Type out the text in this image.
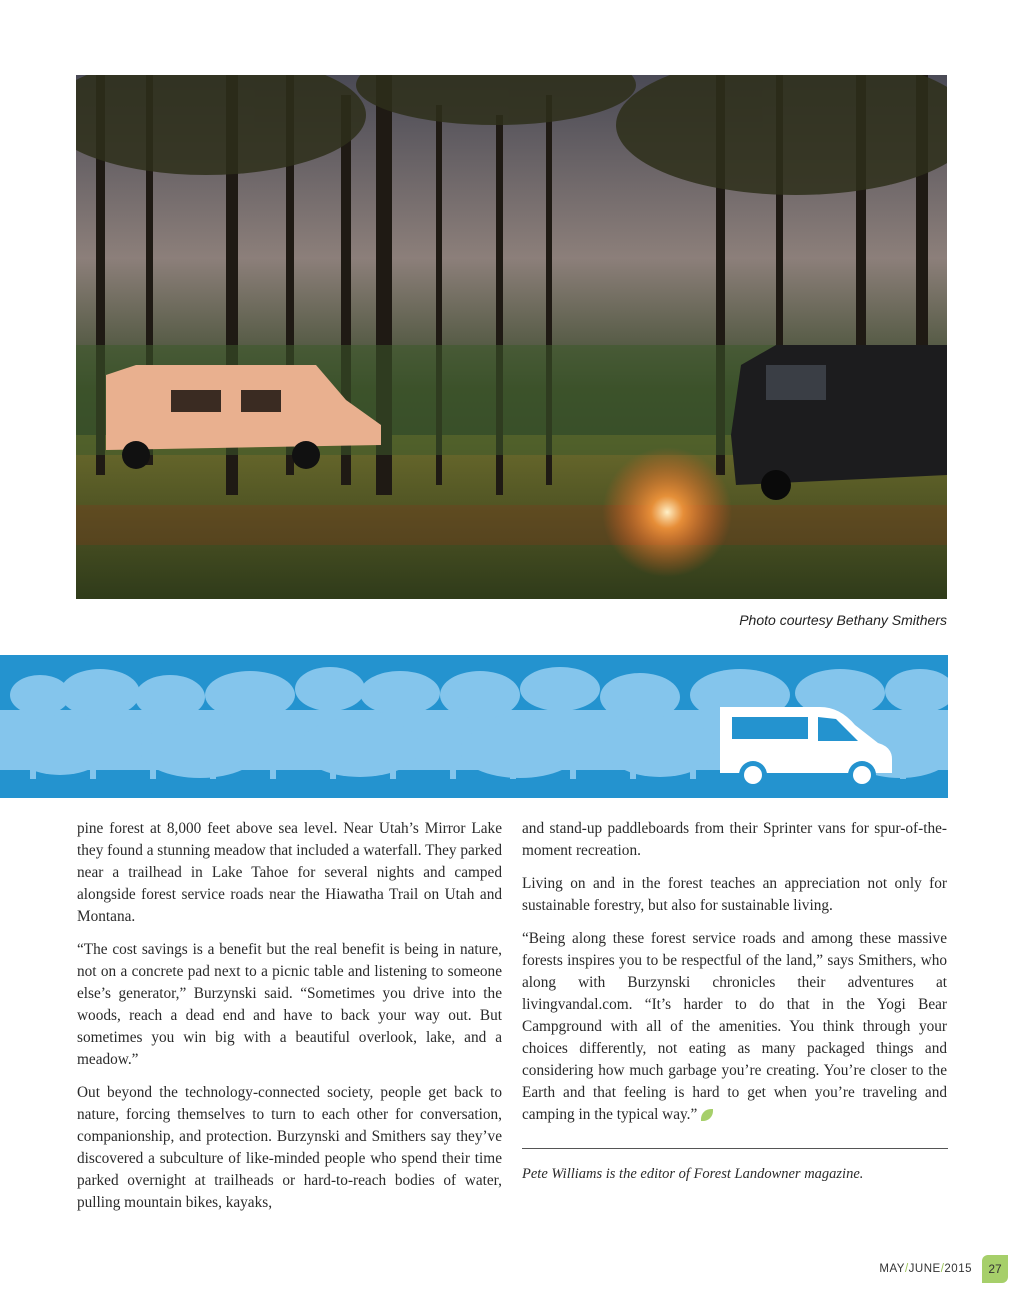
Photo courtesy Bethany Smithers

pine forest at 8,000 feet above sea level. Near Utah’s Mirror Lake they found a stunning meadow that included a waterfall. They parked near a trailhead in Lake Tahoe for several nights and camped alongside forest service roads near the Hiawatha Trail on Utah and Montana.

“The cost savings is a benefit but the real benefit is being in nature, not on a concrete pad next to a picnic table and listening to someone else’s generator,” Burzynski said. “Sometimes you drive into the woods, reach a dead end and have to back your way out. But sometimes you win big with a beautiful overlook, lake, and a meadow.”

Out beyond the technology-connected society, people get back to nature, forcing themselves to turn to each other for conversation, companionship, and protection. Burzynski and Smithers say they’ve discovered a subculture of like-minded people who spend their time parked overnight at trailheads or hard-to-reach bodies of water, pulling mountain bikes, kayaks,

and stand-up paddleboards from their Sprinter vans for spur-of-the-moment recreation.

Living on and in the forest teaches an appreciation not only for sustainable forestry, but also for sustainable living.

“Being along these forest service roads and among these massive forests inspires you to be respectful of the land,” says Smithers, who along with Burzynski chronicles their adventures at livingvandal.com. “It’s harder to do that in the Yogi Bear Campground with all of the amenities. You think through your choices differently, not eating as many packaged things and considering how much garbage you’re creating. You’re closer to the Earth and that feeling is hard to get when you’re traveling and camping in the typical way.”

Pete Williams is the editor of Forest Landowner magazine.
MAY/JUNE/2015	27
